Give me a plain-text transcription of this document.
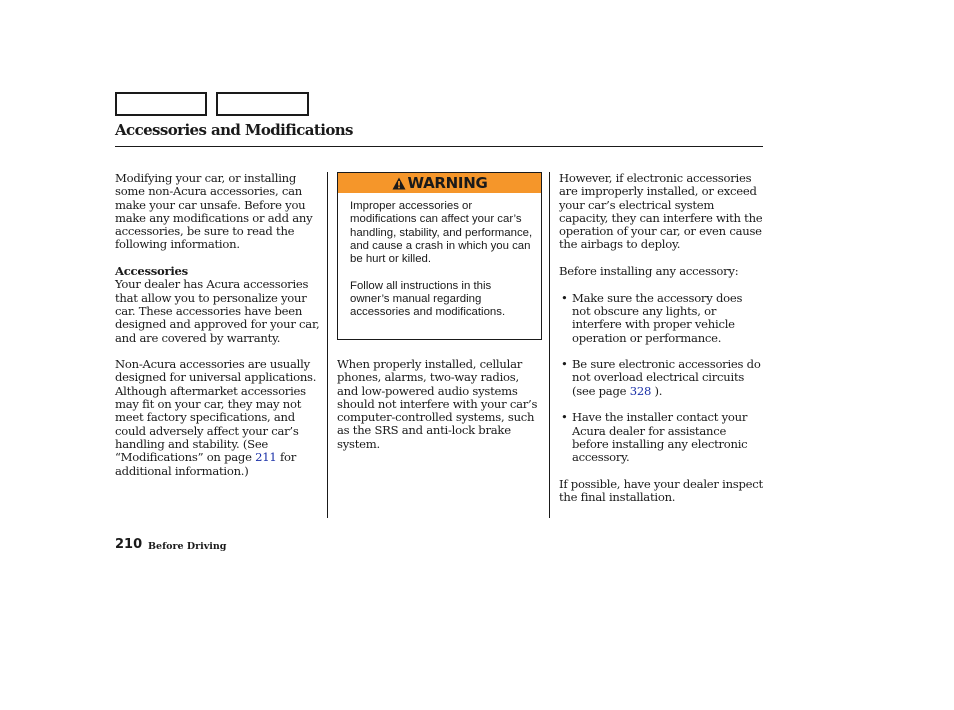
Accessories and Modifications

Modifying your car, or installing some non-Acura accessories, can make your car unsafe. Before you make any modifications or add any accessories, be sure to read the following information.

Accessories
Your dealer has Acura accessories that allow you to personalize your car. These accessories have been designed and approved for your car, and are covered by warranty.

Non-Acura accessories are usually designed for universal applications. Although aftermarket accessories may fit on your car, they may not meet factory specifications, and could adversely affect your car’s handling and stability. (See “Modifications” on page 211 for additional information.)

WARNING

Improper accessories or modifications can affect your car’s handling, stability, and performance, and cause a crash in which you can be hurt or killed.

Follow all instructions in this owner’s manual regarding accessories and modifications.

When properly installed, cellular phones, alarms, two-way radios, and low-powered audio systems should not interfere with your car’s computer-controlled systems, such as the SRS and anti-lock brake system.

However, if electronic accessories are improperly installed, or exceed your car’s electrical system capacity, they can interfere with the operation of your car, or even cause the airbags to deploy.

Before installing any accessory:

• Make sure the accessory does not obscure any lights, or interfere with proper vehicle operation or performance.
• Be sure electronic accessories do not overload electrical circuits (see page 328 ).
• Have the installer contact your Acura dealer for assistance before installing any electronic accessory.

If possible, have your dealer inspect the final installation.

210 Before Driving
